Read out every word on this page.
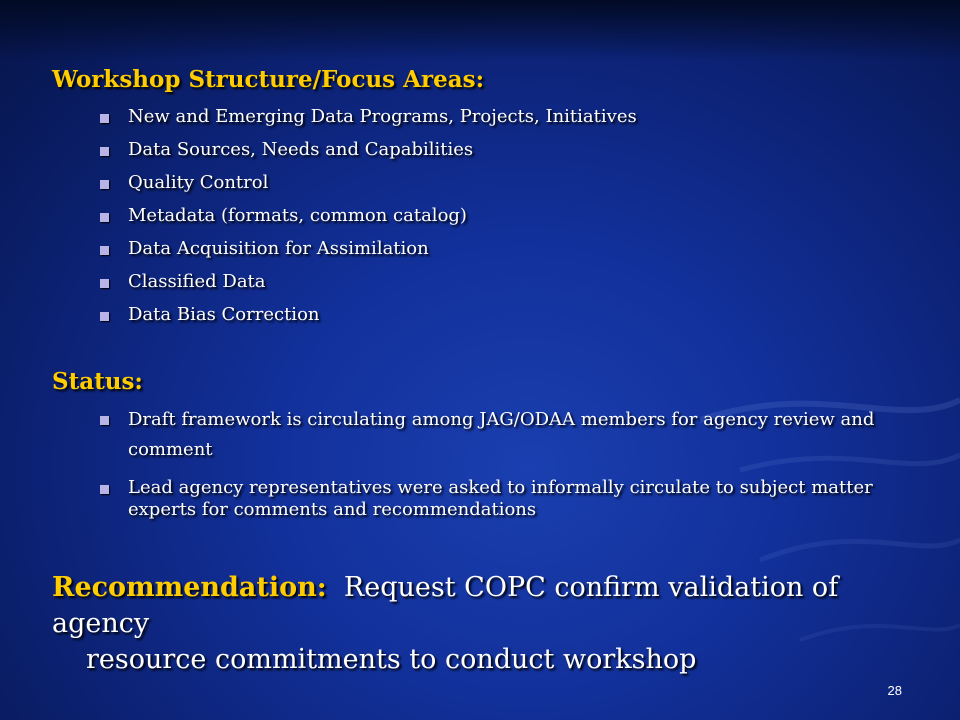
Workshop Structure/Focus Areas:
New and Emerging Data Programs, Projects, Initiatives
Data Sources, Needs and Capabilities
Quality Control
Metadata (formats, common catalog)
Data Acquisition for Assimilation
Classified Data
Data Bias Correction
Status:
Draft framework is circulating among JAG/ODAA members for agency review and comment
Lead agency representatives were asked to informally circulate to subject matter experts for comments and recommendations

Recommendation: Request COPC confirm validation of agency
resource commitments to conduct workshop

28
